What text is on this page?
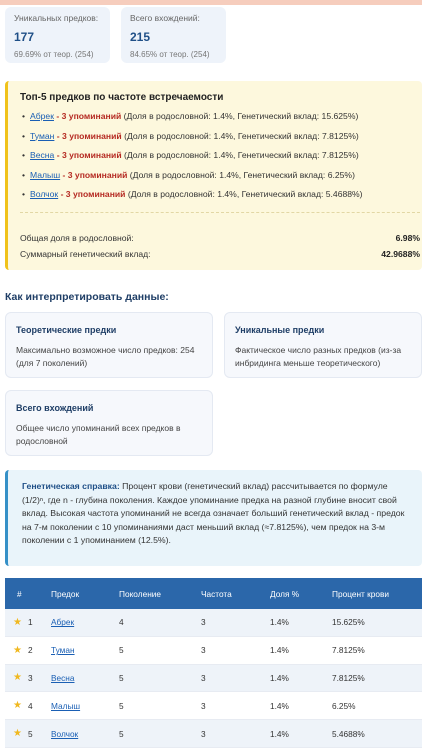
Уникальных предков:
177
69.69% от теор. (254)
Всего вхождений:
215
84.65% от теор. (254)
Топ-5 предков по частоте встречаемости
• Абрек - 3 упоминаний (Доля в родословной: 1.4%, Генетический вклад: 15.625%)
• Туман - 3 упоминаний (Доля в родословной: 1.4%, Генетический вклад: 7.8125%)
• Весна - 3 упоминаний (Доля в родословной: 1.4%, Генетический вклад: 7.8125%)
• Малыш - 3 упоминаний (Доля в родословной: 1.4%, Генетический вклад: 6.25%)
• Волчок - 3 упоминаний (Доля в родословной: 1.4%, Генетический вклад: 5.4688%)
Общая доля в родословной:	6.98%
Суммарный генетический вклад:	42.9688%
Как интерпретировать данные:
Теоретические предки
Максимально возможное число предков: 254 (для 7 поколений)
Уникальные предки
Фактическое число разных предков (из-за инбридинга меньше теоретического)
Всего вхождений
Общее число упоминаний всех предков в родословной
Генетическая справка: Процент крови (генетический вклад) рассчитывается по формуле (1/2)ⁿ, где n - глубина поколения. Каждое упоминание предка на разной глубине вносит свой вклад. Высокая частота упоминаний не всегда означает больший генетический вклад - предок на 7-м поколении с 10 упоминаниями даст меньший вклад (≈7.8125%), чем предок на 3-м поколении с 1 упоминанием (12.5%).
#	Предок	Поколение	Частота	Доля %	Процент крови
★ 1 Абрек	4	3	1.4%	15.625%
★ 2 Туман	5	3	1.4%	7.8125%
★ 3 Весна	5	3	1.4%	7.8125%
★ 4 Малыш	5	3	1.4%	6.25%
★ 5 Волчок	5	3	1.4%	5.4688%
